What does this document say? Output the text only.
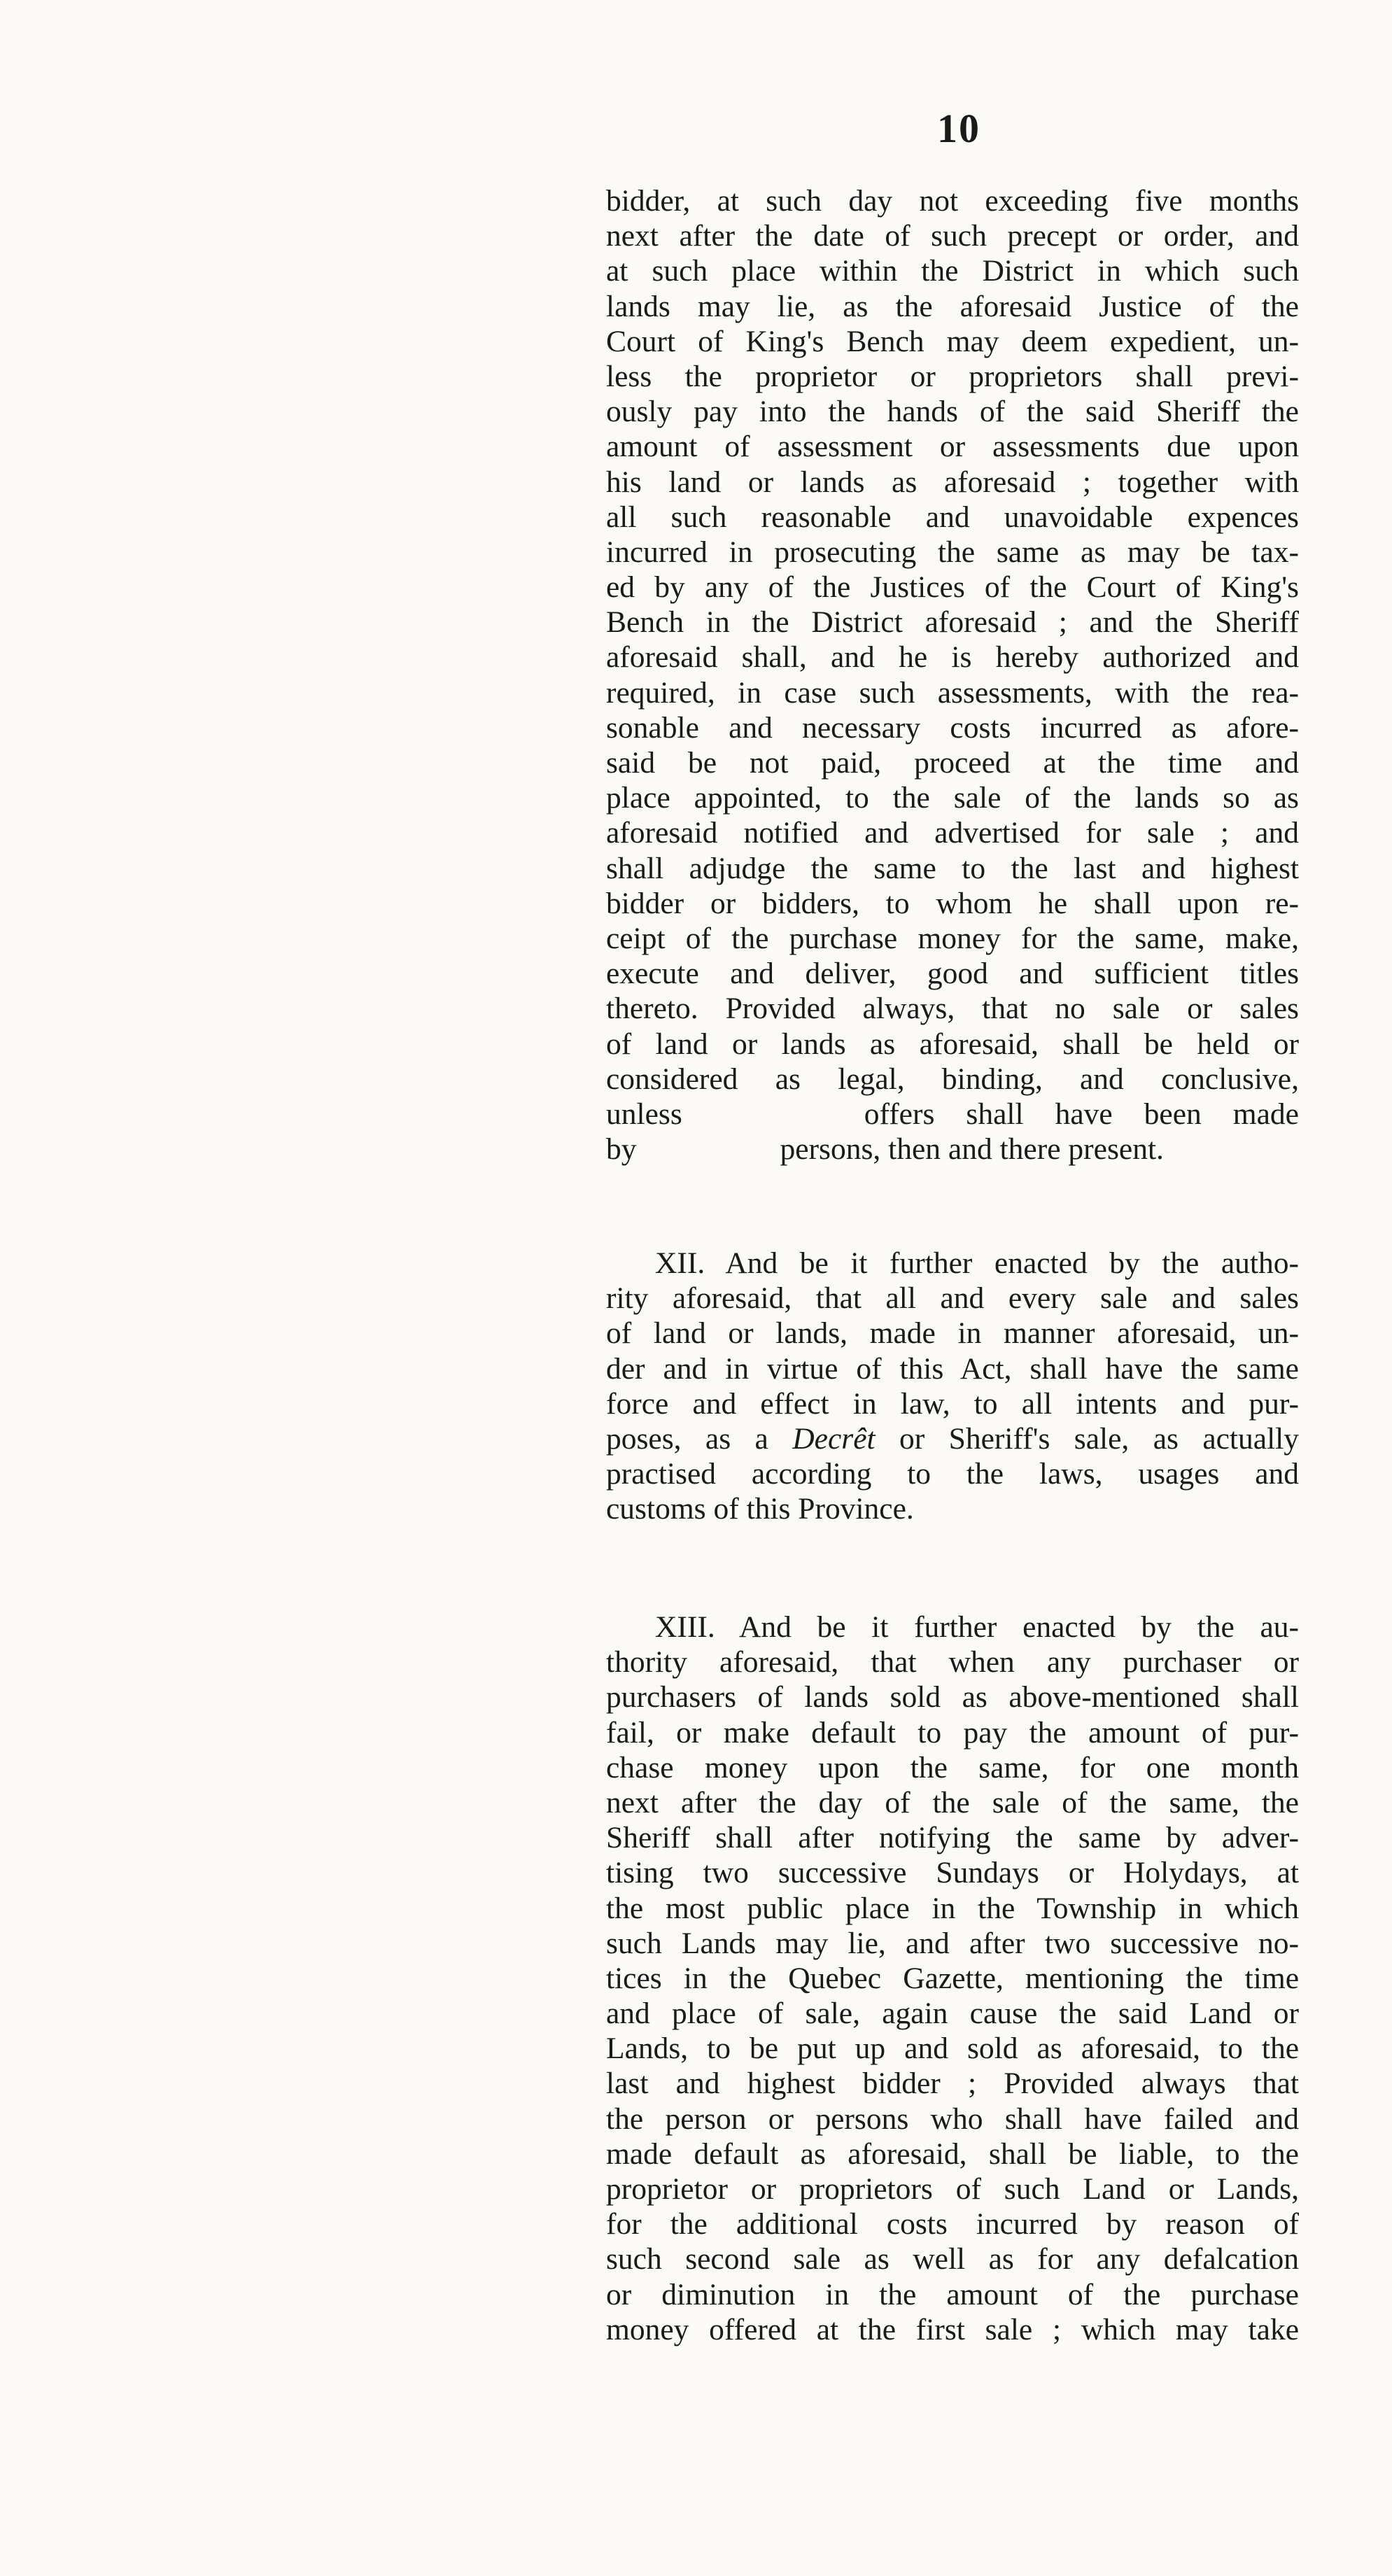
10
bidder, at such day not exceeding five months
next after the date of such precept or order, and
at such place within the District in which such
lands may lie, as the aforesaid Justice of the
Court of King's Bench may deem expedient, un-
less the proprietor or proprietors shall previ-
ously pay into the hands of the said Sheriff the
amount of assessment or assessments due upon
his land or lands as aforesaid ; together with
all such reasonable and unavoidable expences
incurred in prosecuting the same as may be tax-
ed by any of the Justices of the Court of King's
Bench in the District aforesaid ; and the Sheriff
aforesaid shall, and he is hereby authorized and
required, in case such assessments, with the rea-
sonable and necessary costs incurred as afore-
said be not paid, proceed at the time and
place appointed, to the sale of the lands so as
aforesaid notified and advertised for sale ; and
shall adjudge the same to the last and highest
bidder or bidders, to whom he shall upon re-
ceipt of the purchase money for the same, make,
execute and deliver, good and sufficient titles
thereto. Provided always, that no sale or sales
of land or lands as aforesaid, shall be held or
considered as legal, binding, and conclusive,
unless	offers shall have been made
by	persons, then and there present.
XII. And be it further enacted by the autho-
rity aforesaid, that all and every sale and sales
of land or lands, made in manner aforesaid, un-
der and in virtue of this Act, shall have the same
force and effect in law, to all intents and pur-
poses, as a Decrêt or Sheriff's sale, as actually
practised according to the laws, usages and
customs of this Province.
XIII. And be it further enacted by the au-
thority aforesaid, that when any purchaser or
purchasers of lands sold as above-mentioned shall
fail, or make default to pay the amount of pur-
chase money upon the same, for one month
next after the day of the sale of the same, the
Sheriff shall after notifying the same by adver-
tising two successive Sundays or Holydays, at
the most public place in the Township in which
such Lands may lie, and after two successive no-
tices in the Quebec Gazette, mentioning the time
and place of sale, again cause the said Land or
Lands, to be put up and sold as aforesaid, to the
last and highest bidder ; Provided always that
the person or persons who shall have failed and
made default as aforesaid, shall be liable, to the
proprietor or proprietors of such Land or Lands,
for the additional costs incurred by reason of
such second sale as well as for any defalcation
or diminution in the amount of the purchase
money offered at the first sale ; which may take
